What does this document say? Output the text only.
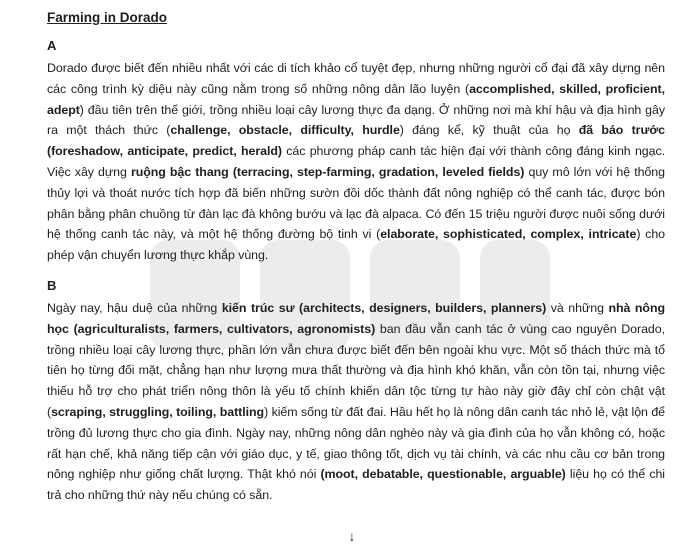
Farming in Dorado
A
Dorado được biết đến nhiều nhất với các di tích khảo cổ tuyệt đẹp, nhưng những người cổ đại đã xây dựng nên các công trình kỳ diệu này cũng nằm trong số những nông dân lão luyện (accomplished, skilled, proficient, adept) đầu tiên trên thế giới, trồng nhiều loại cây lương thực đa dạng. Ở những nơi mà khí hậu và địa hình gây ra một thách thức (challenge, obstacle, difficulty, hurdle) đáng kể, kỹ thuật của họ đã báo trước (foreshadow, anticipate, predict, herald) các phương pháp canh tác hiện đại với thành công đáng kinh ngạc. Việc xây dựng ruộng bậc thang (terracing, step-farming, gradation, leveled fields) quy mô lớn với hệ thống thủy lợi và thoát nước tích hợp đã biến những sườn đồi dốc thành đất nông nghiệp có thể canh tác, được bón phân bằng phân chuồng từ đàn lạc đà không bướu và lạc đà alpaca. Có đến 15 triệu người được nuôi sống dưới hệ thống canh tác này, và một hệ thống đường bộ tinh vi (elaborate, sophisticated, complex, intricate) cho phép vận chuyển lương thực khắp vùng.
B
Ngày nay, hậu duệ của những kiến trúc sư (architects, designers, builders, planners) và những nhà nông học (agriculturalists, farmers, cultivators, agronomists) ban đầu vẫn canh tác ở vùng cao nguyên Dorado, trồng nhiều loại cây lương thực, phần lớn vẫn chưa được biết đến bên ngoài khu vực. Một số thách thức mà tổ tiên họ từng đối mặt, chẳng hạn như lượng mưa thất thường và địa hình khó khăn, vẫn còn tồn tại, nhưng việc thiếu hỗ trợ cho phát triển nông thôn là yếu tố chính khiến dân tộc từng tự hào này giờ đây chỉ còn chật vật (scraping, struggling, toiling, battling) kiếm sống từ đất đai. Hầu hết họ là nông dân canh tác nhỏ lẻ, vật lộn để trồng đủ lương thực cho gia đình. Ngày nay, những nông dân nghèo này và gia đình của họ vẫn không có, hoặc rất hạn chế, khả năng tiếp cận với giáo dục, y tế, giao thông tốt, dịch vụ tài chính, và các nhu cầu cơ bản trong nông nghiệp như giống chất lượng. Thật khó nói (moot, debatable, questionable, arguable) liệu họ có thể chi trả cho những thứ này nếu chúng có sẵn.
↓
